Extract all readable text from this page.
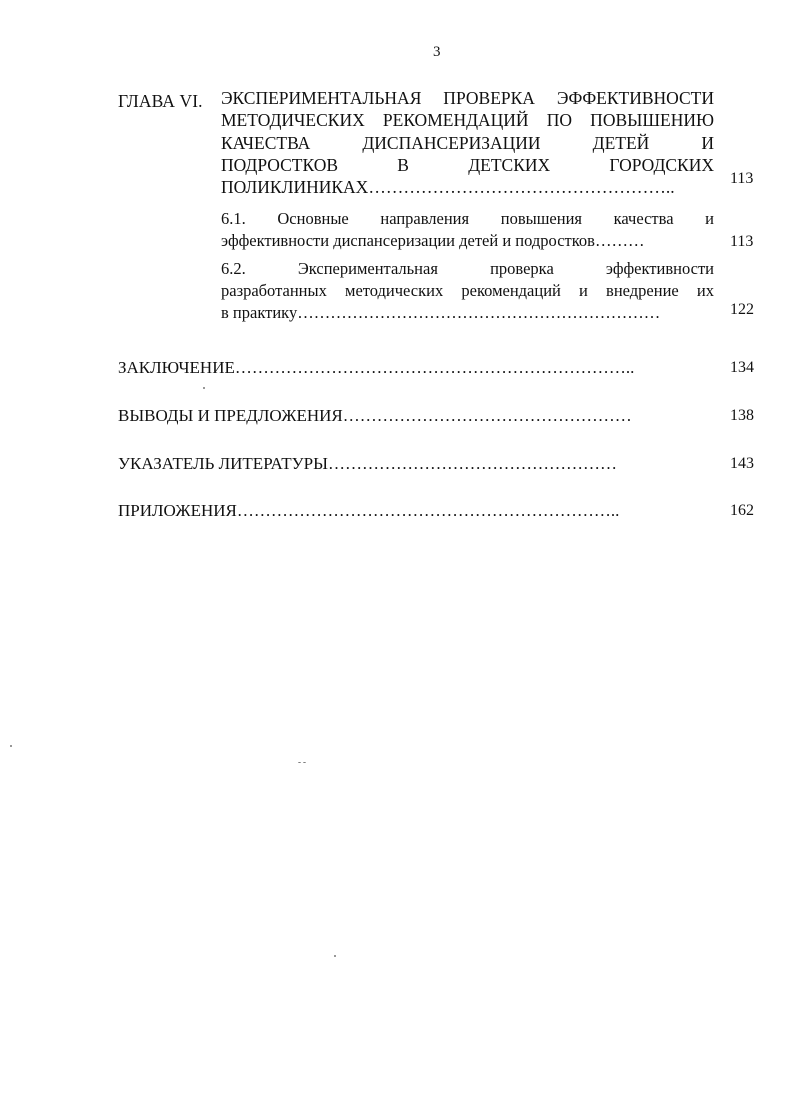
3
ГЛАВА VI. ЭКСПЕРИМЕНТАЛЬНАЯ ПРОВЕРКА ЭФФЕКТИВНОСТИ
МЕТОДИЧЕСКИХ РЕКОМЕНДАЦИЙ ПО ПОВЫШЕНИЮ
КАЧЕСТВА ДИСПАНСЕРИЗАЦИИ ДЕТЕЙ И
ПОДРОСТКОВ В ДЕТСКИХ ГОРОДСКИХ
ПОЛИКЛИНИКАХ……………………………………………..	113
6.1. Основные направления повышения качества и
эффективности диспансеризации детей и подростков………	113
6.2. Экспериментальная проверка эффективности
разработанных методических рекомендаций и внедрение их
в практику…………………………………………………………	122
ЗАКЛЮЧЕНИЕ……………………………………………………………..	134
ВЫВОДЫ И ПРЕДЛОЖЕНИЯ……………………………………………	138
УКАЗАТЕЛЬ ЛИТЕРАТУРЫ……………………………………………	143
ПРИЛОЖЕНИЯ…………………………………………………………..	162
